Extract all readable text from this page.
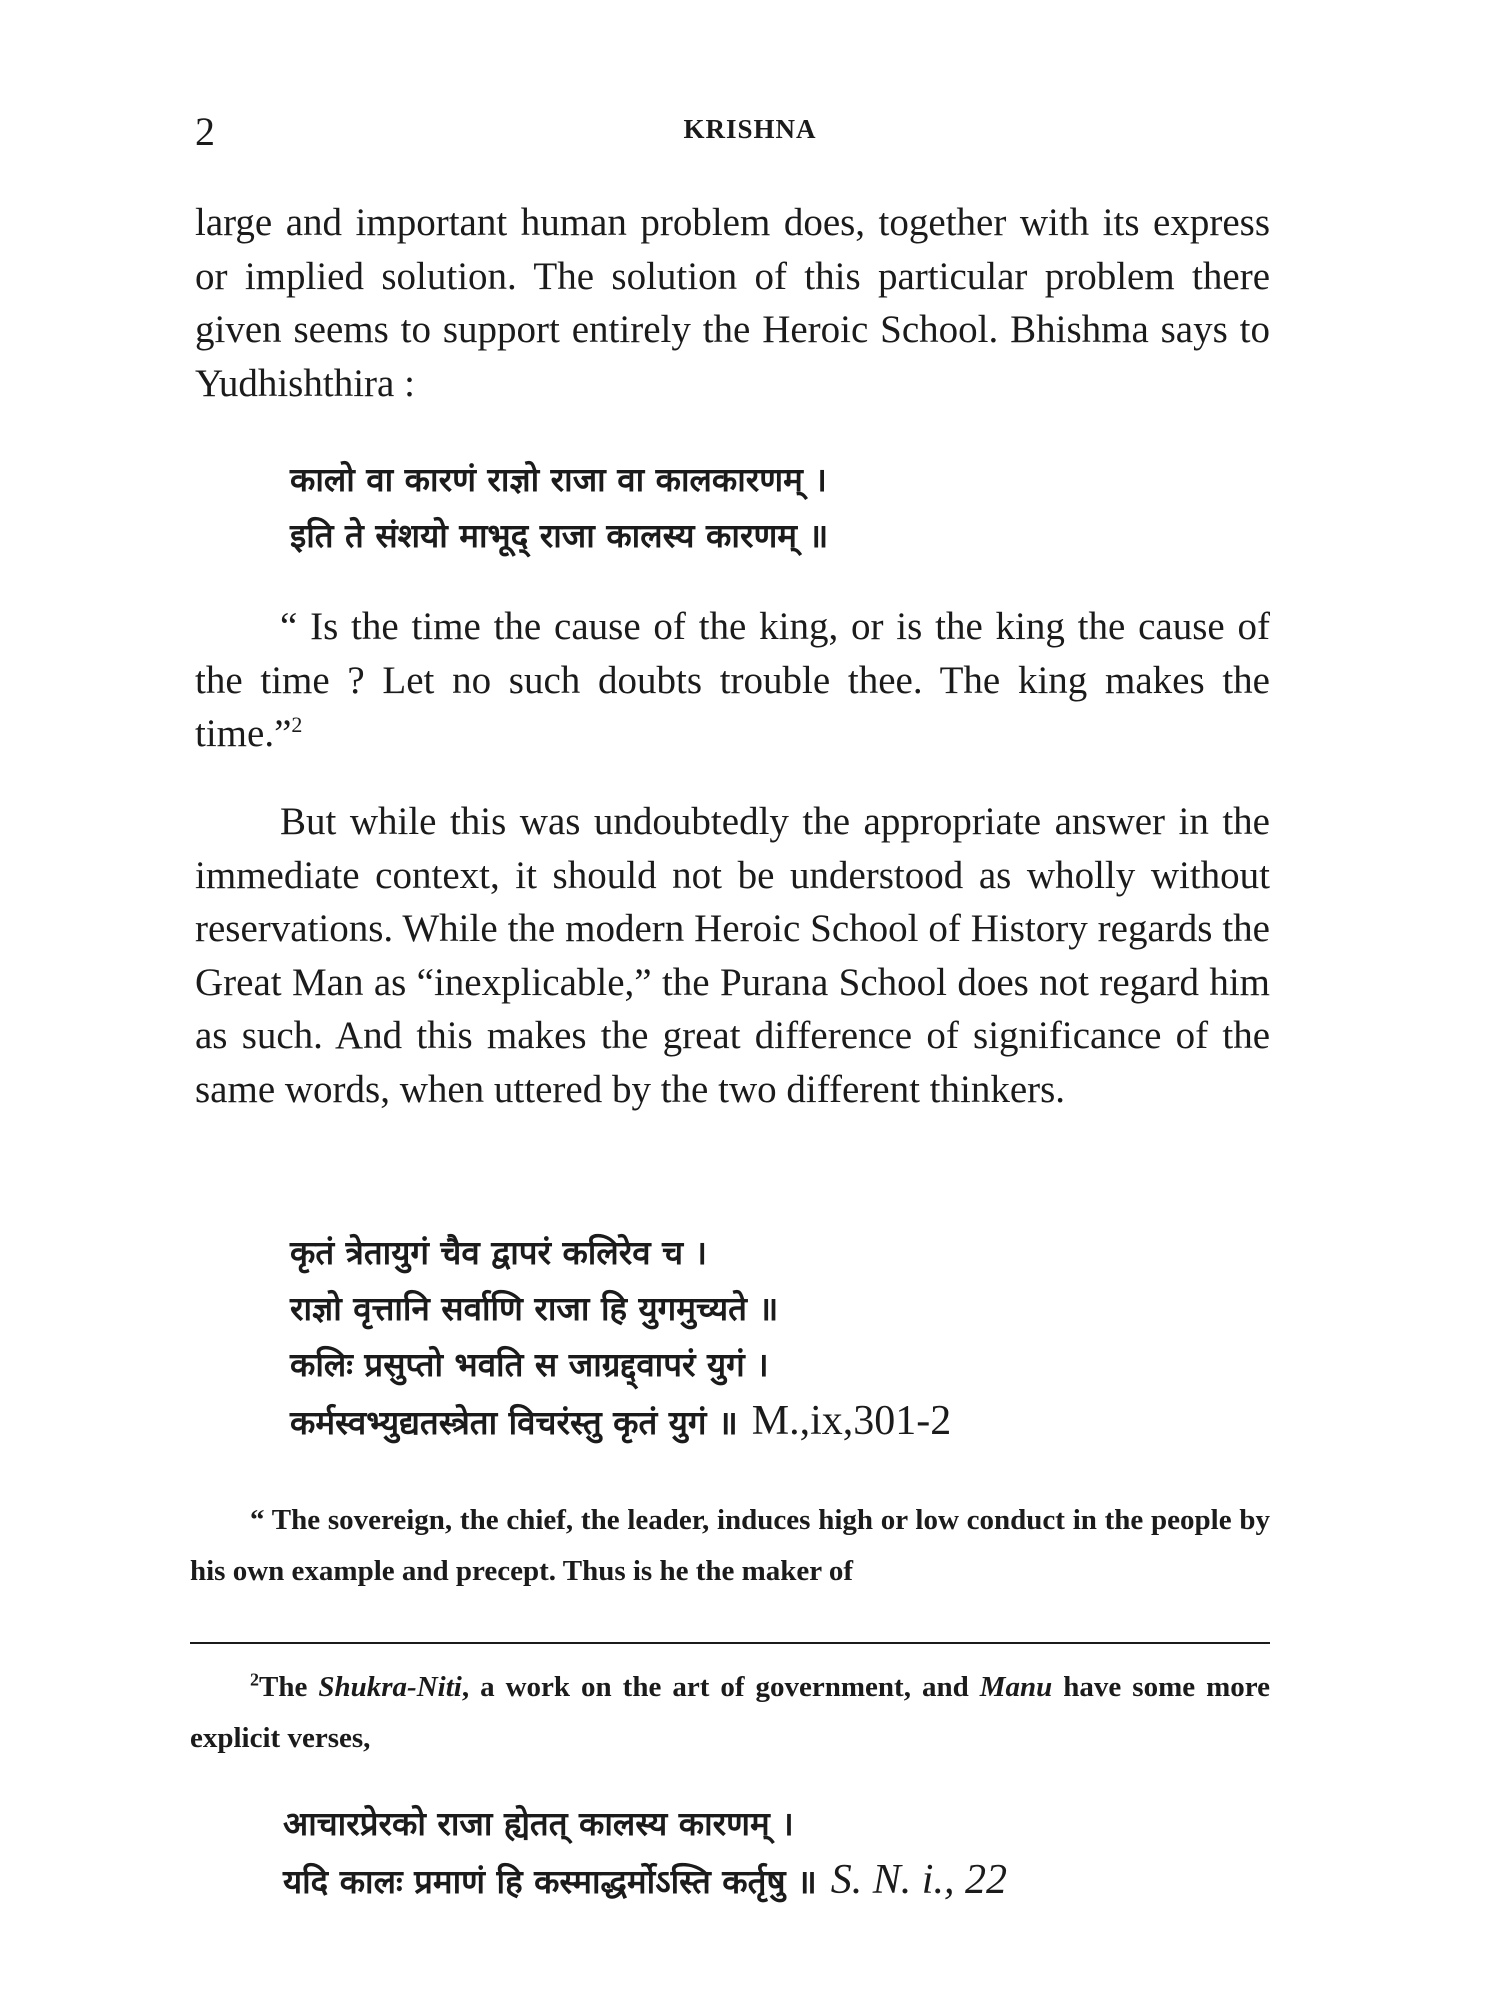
2	KRISHNA

large and important human problem does, together with its express or implied solution. The solution of this particular problem there given seems to support entirely the Heroic School. Bhishma says to Yudhishthira :

कालो वा कारणं राज्ञो राजा वा कालकारणम् ।
इति ते संशयो माभूद् राजा कालस्य कारणम् ॥

“ Is the time the cause of the king, or is the king the cause of the time ? Let no such doubts trouble thee. The king makes the time.”$^2$

But while this was undoubtedly the appropriate answer in the immediate context, it should not be understood as wholly without reservations. While the modern Heroic School of History regards the Great Man as “inexplicable,” the Purana School does not regard him as such. And this makes the great difference of significance of the same words, when uttered by the two different thinkers.

कृतं त्रेतायुगं चैव द्वापरं कलिरेव च ।
राज्ञो वृत्तानि सर्वाणि राजा हि युगमुच्यते ॥
कलिः प्रसुप्तो भवति स जाग्रद्द्वापरं युगं ।
कर्मस्वभ्युद्यतस्त्रेता विचरंस्तु कृतं युगं ॥ M.,ix,301-2

“ The sovereign, the chief, the leader, induces high or low conduct in the people by his own example and precept. Thus is he the maker of

$^2$The Shukra-Niti, a work on the art of government, and Manu have some more explicit verses,

आचारप्रेरको राजा ह्येतत् कालस्य कारणम् ।
यदि कालः प्रमाणं हि कस्माद्धर्मोऽस्ति कर्तृषु ॥ S. N. i., 22
